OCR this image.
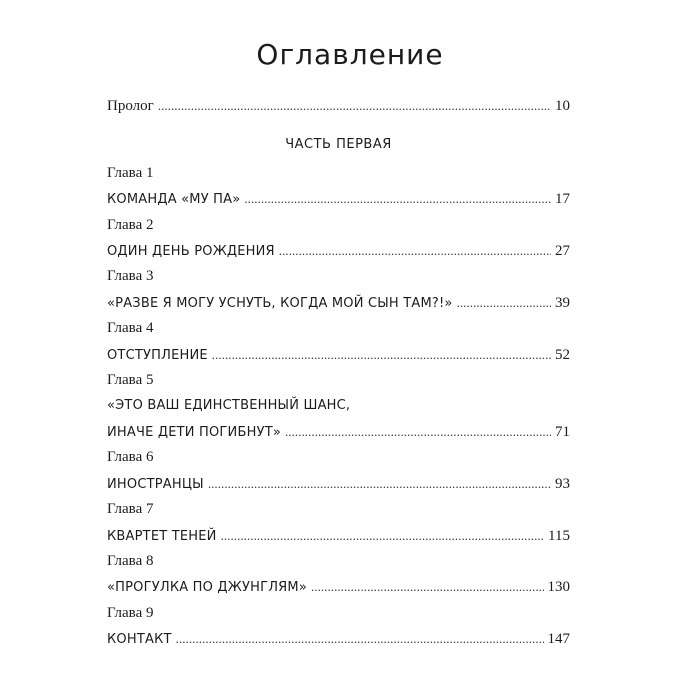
Оглавление
Пролог . . .	10
ЧАСТЬ ПЕРВАЯ
Глава 1
КОМАНДА «МУ ПА» . . .	17
Глава 2
ОДИН ДЕНЬ РОЖДЕНИЯ . . .	27
Глава 3
«РАЗВЕ Я МОГУ УСНУТЬ, КОГДА МОЙ СЫН ТАМ?!» . . .	39
Глава 4
ОТСТУПЛЕНИЕ . . .	52
Глава 5
«ЭТО ВАШ ЕДИНСТВЕННЫЙ ШАНС,
ИНАЧЕ ДЕТИ ПОГИБНУТ» . . .	71
Глава 6
ИНОСТРАНЦЫ . . .	93
Глава 7
КВАРТЕТ ТЕНЕЙ . . .	115
Глава 8
«ПРОГУЛКА ПО ДЖУНГЛЯМ» . . .	130
Глава 9
КОНТАКТ . . .	147
